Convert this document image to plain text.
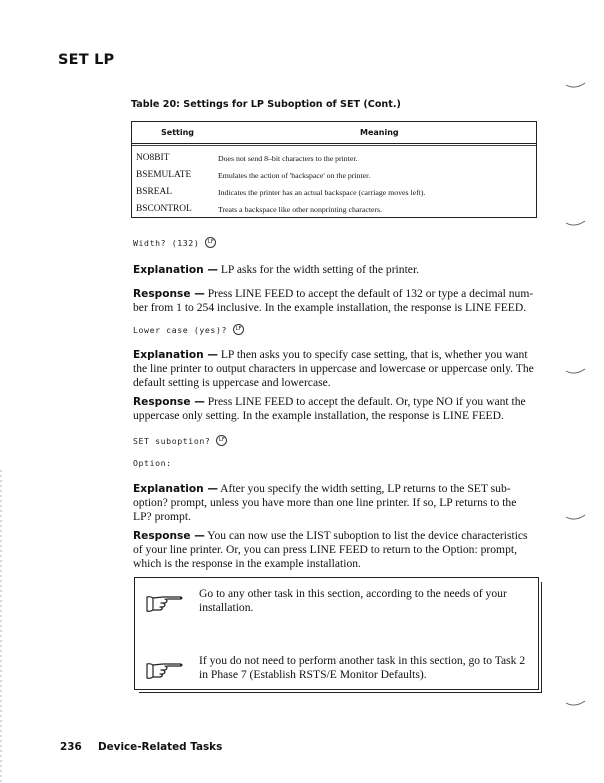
SET LP
Table 20: Settings for LP Suboption of SET (Cont.)
Setting	Meaning
NO8BIT	Does not send 8–bit characters to the printer.
BSEMULATE	Emulates the action of 'backspace' on the printer.
BSREAL	Indicates the printer has an actual backspace (carriage moves left).
BSCONTROL	Treats a backspace like other nonprinting characters.
Width? (132) LF
Explanation — LP asks for the width setting of the printer.
Response — Press LINE FEED to accept the default of 132 or type a decimal num-ber from 1 to 254 inclusive. In the example installation, the response is LINE FEED.
Lower case (yes)? LF
Explanation — LP then asks you to specify case setting, that is, whether you want the line printer to output characters in uppercase and lowercase or uppercase only. The default setting is uppercase and lowercase.
Response — Press LINE FEED to accept the default. Or, type NO if you want the uppercase only setting. In the example installation, the response is LINE FEED.
SET suboption? LF
Option:
Explanation — After you specify the width setting, LP returns to the SET sub-option? prompt, unless you have more than one line printer. If so, LP returns to the LP? prompt.
Response — You can now use the LIST suboption to list the device characteristics of your line printer. Or, you can press LINE FEED to return to the Option: prompt, which is the response in the example installation.
Go to any other task in this section, according to the needs of your installation.
If you do not need to perform another task in this section, go to Task 2 in Phase 7 (Establish RSTS/E Monitor Defaults).
236 Device-Related Tasks
